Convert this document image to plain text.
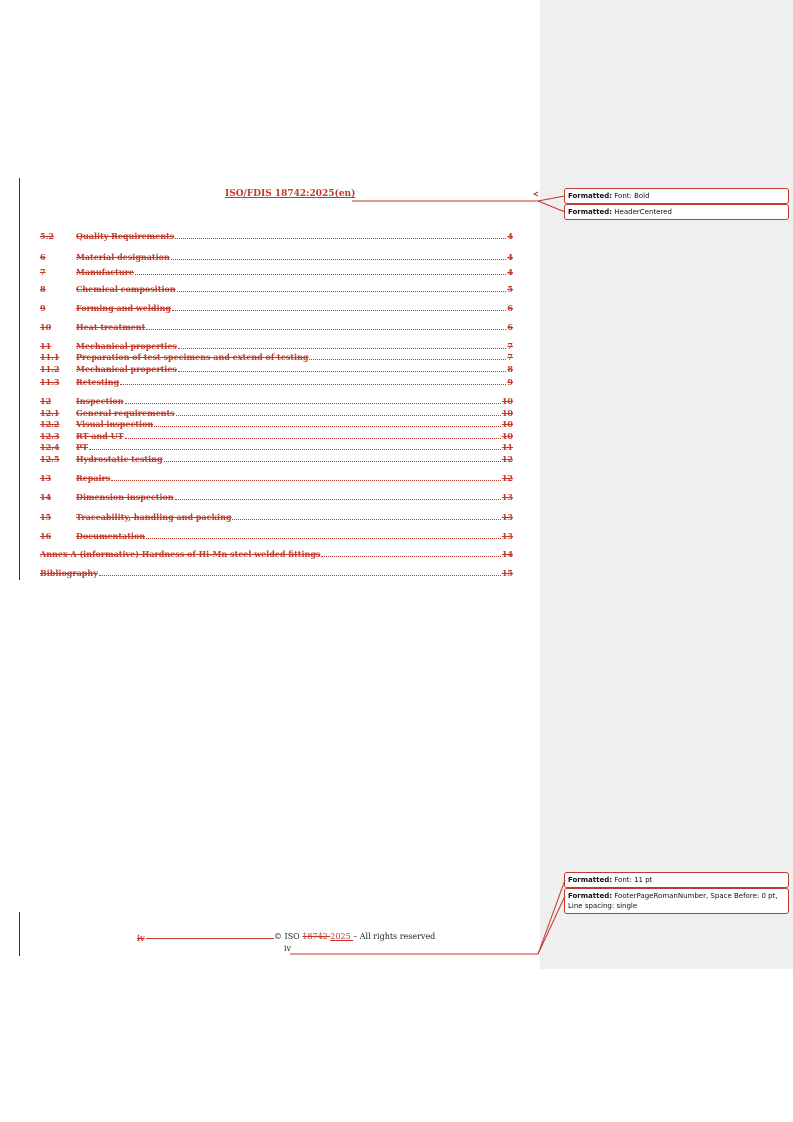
ISO/FDIS 18742:2025(en)
5.2	Quality Requirements	4
6	Material designation	4
7	Manufacture	4
8	Chemical composition	5
9	Forming and welding	6
10	Heat treatment	6
11	Mechanical properties	7
11.1	Preparation of test specimens and extend of testing	7
11.2	Mechanical properties	8
11.3	Retesting	9
12	Inspection	10
12.1	General requirements	10
12.2	Visual inspection	10
12.3	RT and UT	10
12.4	PT	11
12.5	Hydrostatic testing	12
13	Repairs	12
14	Dimension inspection	13
15	Traceability, handling and packing	13
16	Documentation	13
Annex A (informative) Hardness of Hi-Mn steel welded fittings	14
Bibliography	15
iv	© ISO 18742 2025 – All rights reserved
iv
Formatted: Font: Bold
Formatted: HeaderCentered
Formatted: Font: 11 pt
Formatted: FooterPageRomanNumber, Space Before: 0 pt, Line spacing: single
